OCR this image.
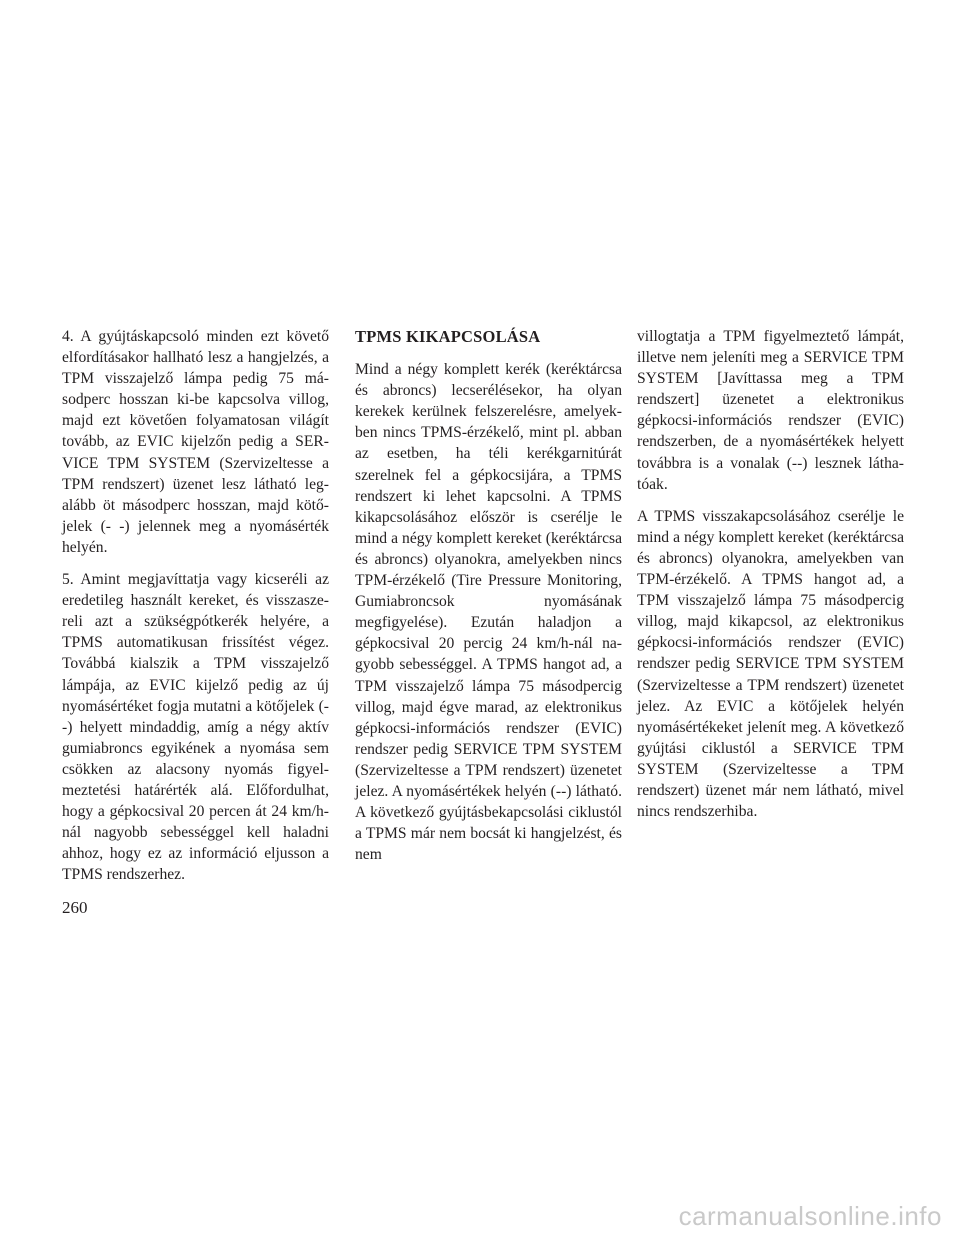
4. A gyújtáskapcsoló minden ezt követő elfordításakor hallható lesz a hangjelzés, a TPM visszajelző lámpa pedig 75 másodperc hosszan ki-be kapcsolva villog, majd ezt követően folyamatosan világít tovább, az EVIC kijelzőn pedig a SERVICE TPM SYSTEM (Szervizeltesse a TPM rendszert) üzenet lesz látható legalább öt másodperc hosszan, majd kötőjelek (- -) jelennek meg a nyomásérték helyén.

5. Amint megjavíttatja vagy kicseréli az eredetileg használt kereket, és visszaszereli azt a szükségpótkerék helyére, a TPMS automatikusan frissítést végez. Továbbá kialszik a TPM visszajelző lámpája, az EVIC kijelző pedig az új nyomásértéket fogja mutatni a kötőjelek (- -) helyett mindaddig, amíg a négy aktív gumiabroncs egyikének a nyomása sem csökken az alacsony nyomás figyelmeztetési határérték alá. Előfordulhat, hogy a gépkocsival 20 percen át 24 km/h-nál nagyobb sebességgel kell haladni ahhoz, hogy ez az információ eljusson a TPMS rendszerhez.

TPMS KIKAPCSOLÁSA

Mind a négy komplett kerék (keréktárcsa és abroncs) lecserélésekor, ha olyan kerekek kerülnek felszerelésre, amelyekben nincs TPMS-érzékelő, mint pl. abban az esetben, ha téli kerékgarnitúrát szerelnek fel a gépkocsijára, a TPMS rendszert ki lehet kapcsolni. A TPMS kikapcsolásához először is cserélje le mind a négy komplett kereket (keréktárcsa és abroncs) olyanokra, amelyekben nincs TPM-érzékelő (Tire Pressure Monitoring, Gumiabroncsok nyomásának megfigyelése). Ezután haladjon a gépkocsival 20 percig 24 km/h-nál nagyobb sebességgel. A TPMS hangot ad, a TPM visszajelző lámpa 75 másodpercig villog, majd égve marad, az elektronikus gépkocsi-információs rendszer (EVIC) rendszer pedig SERVICE TPM SYSTEM (Szervizeltesse a TPM rendszert) üzenetet jelez. A nyomásértékek helyén (--) látható. A következő gyújtásbekapcsolási ciklustól a TPMS már nem bocsát ki hangjelzést, és nem

villogtatja a TPM figyelmeztető lámpát, illetve nem jeleníti meg a SERVICE TPM SYSTEM [Javíttassa meg a TPM rendszert] üzenetet a elektronikus gépkocsi-információs rendszer (EVIC) rendszerben, de a nyomásértékek helyett továbbra is a vonalak (--) lesznek láthatóak.

A TPMS visszakapcsolásához cserélje le mind a négy komplett kereket (keréktárcsa és abroncs) olyanokra, amelyekben van TPM-érzékelő. A TPMS hangot ad, a TPM visszajelző lámpa 75 másodpercig villog, majd kikapcsol, az elektronikus gépkocsi-információs rendszer (EVIC) rendszer pedig SERVICE TPM SYSTEM (Szervizeltesse a TPM rendszert) üzenetet jelez. Az EVIC a kötőjelek helyén nyomásértékeket jelenít meg. A következő gyújtási ciklustól a SERVICE TPM SYSTEM (Szervizeltesse a TPM rendszert) üzenet már nem látható, mivel nincs rendszerhiba.

260
carmanualsonline.info
